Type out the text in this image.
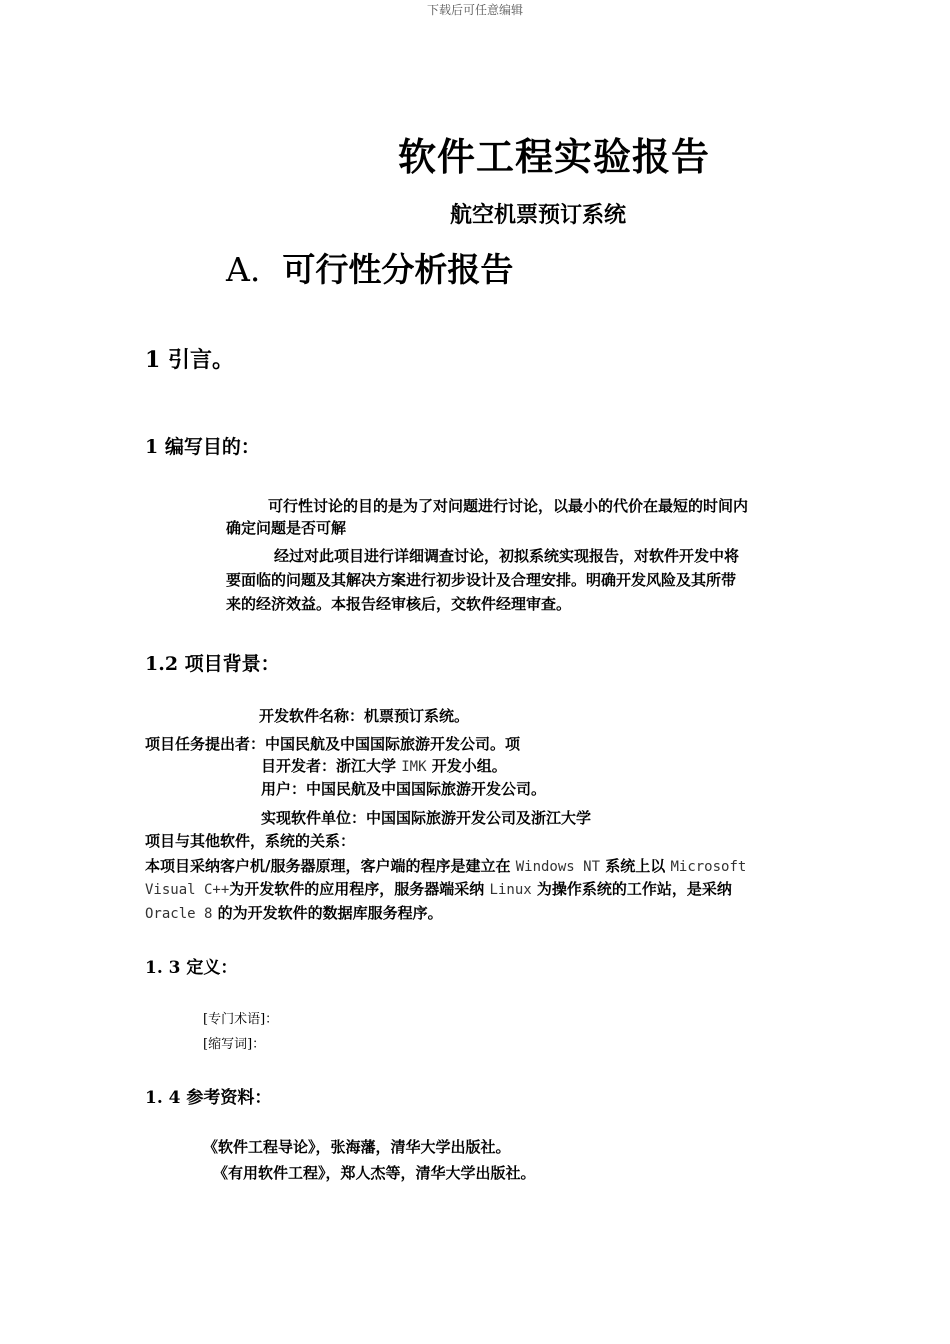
下载后可任意编辑
软件工程实验报告
航空机票预订系统
A. 可行性分析报告
1 引言。
1 编写目的：
可行性讨论的目的是为了对问题进行讨论，以最小的代价在最短的时间内
确定问题是否可解
经过对此项目进行详细调查讨论，初拟系统实现报告，对软件开发中将
要面临的问题及其解决方案进行初步设计及合理安排。明确开发风险及其所带
来的经济效益。本报告经审核后，交软件经理审查。
1.2 项目背景：
开发软件名称：机票预订系统。
项目任务提出者：中国民航及中国国际旅游开发公司。项
目开发者：浙江大学 IMK 开发小组。
用户：中国民航及中国国际旅游开发公司。
实现软件单位：中国国际旅游开发公司及浙江大学
项目与其他软件，系统的关系：
本项目采纳客户机/服务器原理，客户端的程序是建立在 Windows NT 系统上以 Microsoft
Visual C++为开发软件的应用程序，服务器端采纳 Linux 为操作系统的工作站，是采纳
Oracle 8 的为开发软件的数据库服务程序。
1. 3 定义：
[专门术语]：
[缩写词]：
1. 4 参考资料：
《软件工程导论》，张海藩，清华大学出版社。
《有用软件工程》，郑人杰等，清华大学出版社。
